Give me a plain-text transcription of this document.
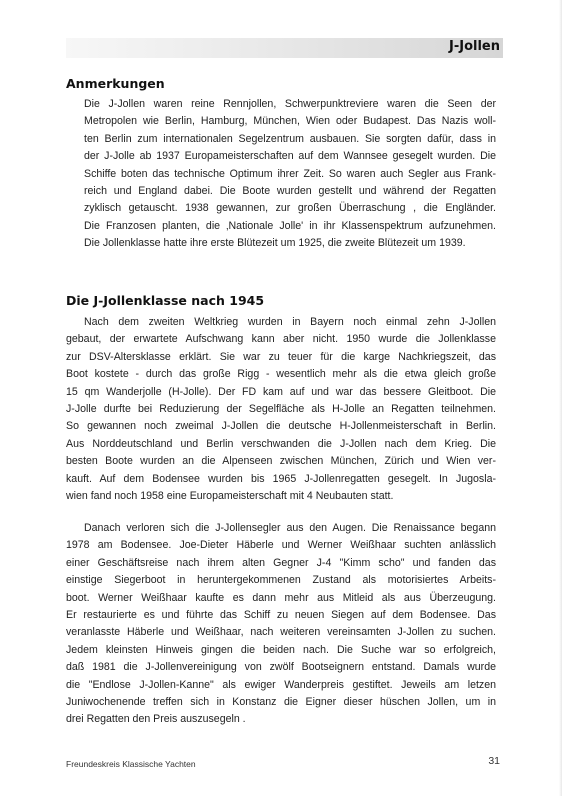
J-Jollen
Anmerkungen
Die J-Jollen waren reine Rennjollen, Schwerpunktreviere waren die Seen der
Metropolen wie Berlin, Hamburg, München, Wien oder Budapest. Das Nazis woll-
ten Berlin zum internationalen Segelzentrum ausbauen. Sie sorgten dafür, dass in
der J-Jolle ab 1937 Europameisterschaften auf dem Wannsee gesegelt wurden. Die
Schiffe boten das technische Optimum ihrer Zeit. So waren auch Segler aus Frank-
reich und England dabei. Die Boote wurden gestellt und während der Regatten
zyklisch getauscht. 1938 gewannen, zur großen Überraschung , die Engländer.
Die Franzosen planten, die ‚Nationale Jolle' in ihr Klassenspektrum aufzunehmen.
Die Jollenklasse hatte ihre erste Blütezeit um 1925, die zweite Blütezeit um 1939.
Die J-Jollenklasse nach 1945
Nach dem zweiten Weltkrieg wurden in Bayern noch einmal zehn J-Jollen
gebaut, der erwartete Aufschwang kann aber nicht. 1950 wurde die Jollenklasse
zur DSV-Altersklasse erklärt. Sie war zu teuer für die karge Nachkriegszeit, das
Boot kostete - durch das große Rigg - wesentlich mehr als die etwa gleich große
15 qm Wanderjolle (H-Jolle). Der FD kam auf und war das bessere Gleitboot. Die
J-Jolle durfte bei Reduzierung der Segelfläche als H-Jolle an Regatten teilnehmen.
So gewannen noch zweimal J-Jollen die deutsche H-Jollenmeisterschaft in Berlin.
Aus Norddeutschland und Berlin verschwanden die J-Jollen nach dem Krieg. Die
besten Boote wurden an die Alpenseen zwischen München, Zürich und Wien ver-
kauft. Auf dem Bodensee wurden bis 1965 J-Jollenregatten gesegelt. In Jugosla-
wien fand noch 1958 eine Europameisterschaft mit 4 Neubauten statt.
Danach verloren sich die J-Jollensegler aus den Augen. Die Renaissance begann
1978 am Bodensee. Joe-Dieter Häberle und Werner Weißhaar suchten anlässlich
einer Geschäftsreise nach ihrem alten Gegner J-4 "Kimm scho" und fanden das
einstige Siegerboot in heruntergekommenen Zustand als motorisiertes Arbeits-
boot. Werner Weißhaar kaufte es dann mehr aus Mitleid als aus Überzeugung.
Er restaurierte es und führte das Schiff zu neuen Siegen auf dem Bodensee. Das
veranlasste Häberle und Weißhaar, nach weiteren vereinsamten J-Jollen zu suchen.
Jedem kleinsten Hinweis gingen die beiden nach. Die Suche war so erfolgreich,
daß 1981 die J-Jollenvereinigung von zwölf Bootseignern entstand. Damals wurde
die "Endlose J-Jollen-Kanne" als ewiger Wanderpreis gestiftet. Jeweils am letzen
Juniwochenende treffen sich in Konstanz die Eigner dieser hüschen Jollen, um in
drei Regatten den Preis auszusegeln .
Freundeskreis Klassische Yachten	31
